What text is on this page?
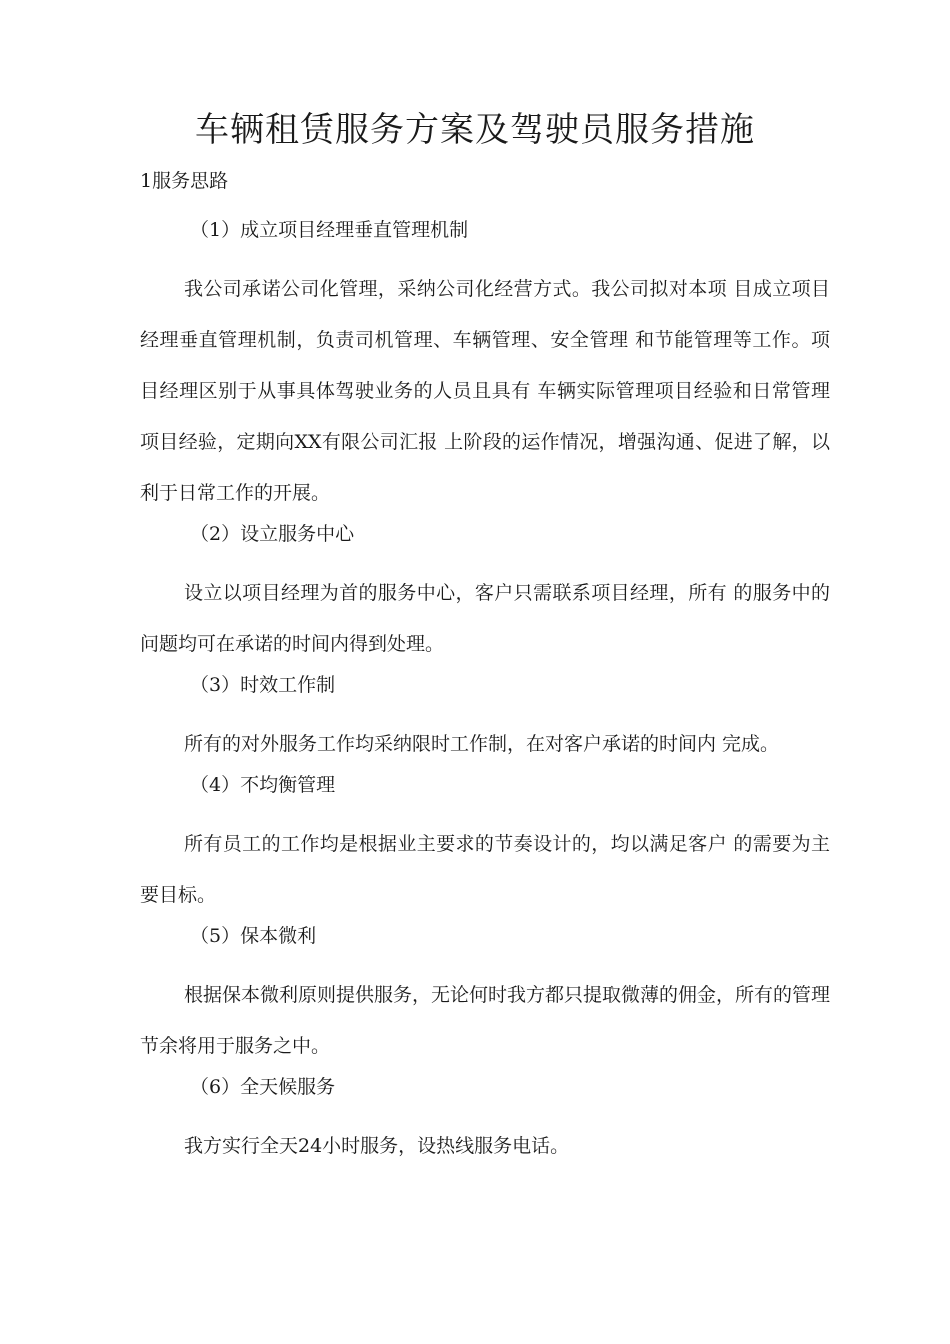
车辆租赁服务方案及驾驶员服务措施
1服务思路

（1）成立项目经理垂直管理机制

我公司承诺公司化管理，采纳公司化经营方式。我公司拟对本项 目成立项目经理垂直管理机制，负责司机管理、车辆管理、安全管理 和节能管理等工作。项目经理区别于从事具体驾驶业务的人员且具有 车辆实际管理项目经验和日常管理项目经验，定期向XX有限公司汇报 上阶段的运作情况，增强沟通、促进了解，以利于日常工作的开展。

（2）设立服务中心

设立以项目经理为首的服务中心，客户只需联系项目经理，所有 的服务中的问题均可在承诺的时间内得到处理。

（3）时效工作制

所有的对外服务工作均采纳限时工作制，在对客户承诺的时间内 完成。

（4）不均衡管理

所有员工的工作均是根据业主要求的节奏设计的，均以满足客户 的需要为主要目标。

（5）保本微利

根据保本微利原则提供服务，无论何时我方都只提取微薄的佣金，所有的管理节余将用于服务之中。

（6）全天候服务

我方实行全天24小时服务，设热线服务电话。
